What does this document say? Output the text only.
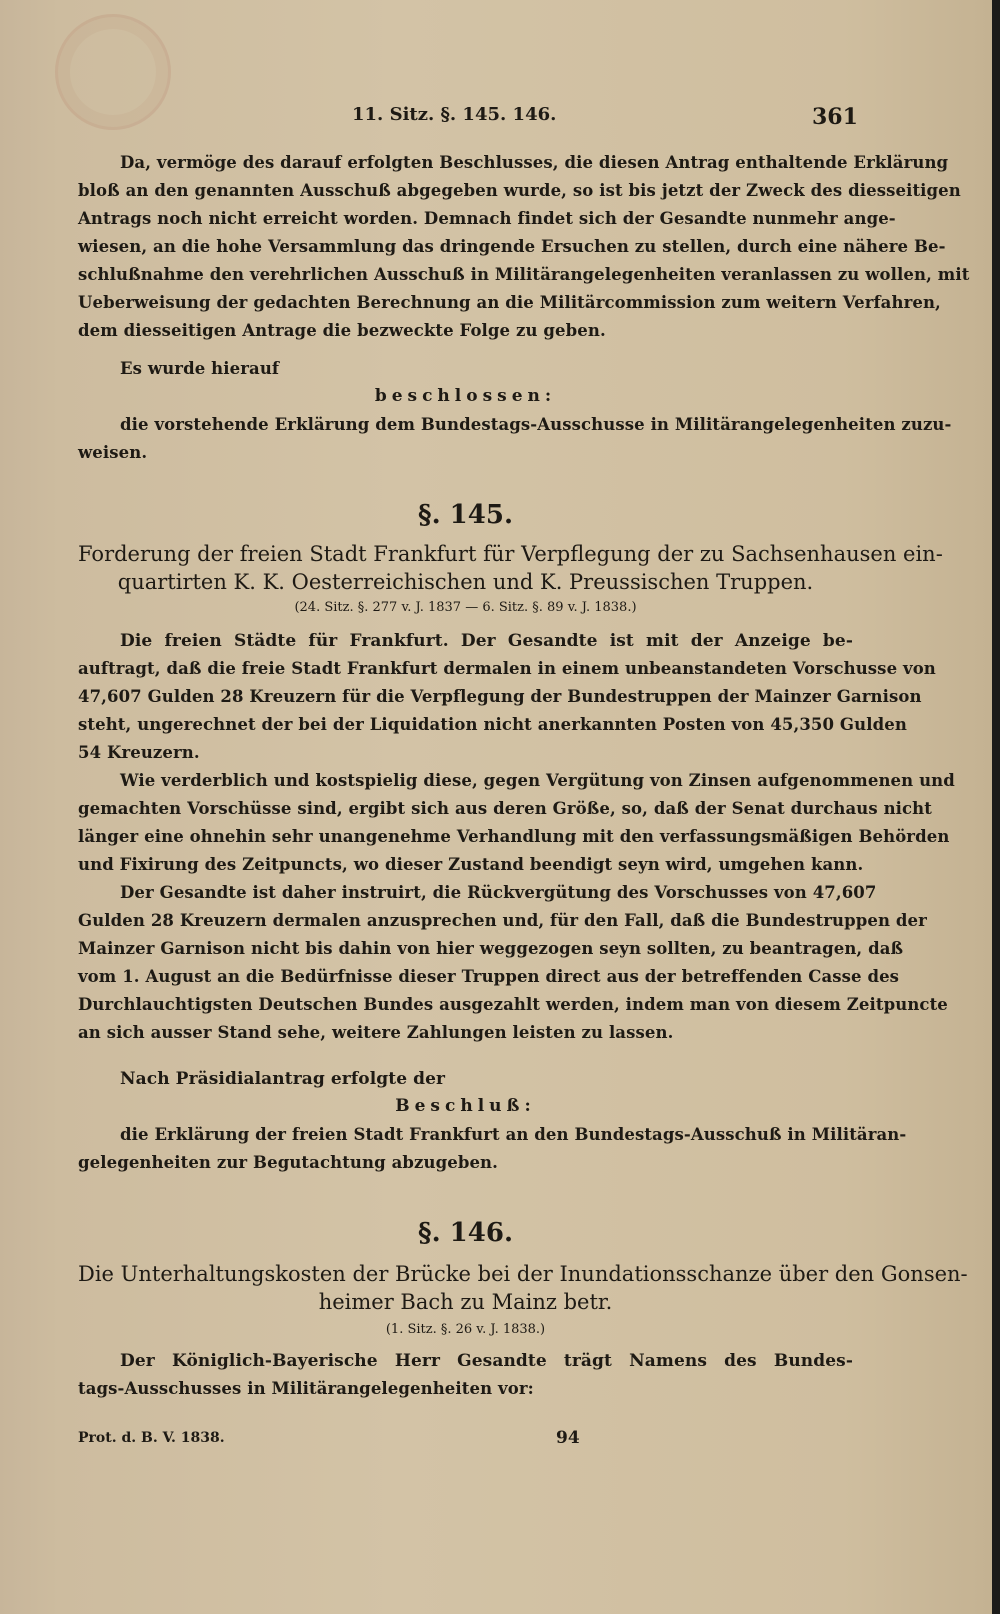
11. Sitz. §. 145. 146.	361

Da, vermöge des darauf erfolgten Beschlusses, die diesen Antrag enthaltende Erklärung

bloß an den genannten Ausschuß abgegeben wurde, so ist bis jetzt der Zweck des diesseitigen

Antrags noch nicht erreicht worden. Demnach findet sich der Gesandte nunmehr ange-

wiesen, an die hohe Versammlung das dringende Ersuchen zu stellen, durch eine nähere Be-

schlußnahme den verehrlichen Ausschuß in Militärangelegenheiten veranlassen zu wollen, mit

Ueberweisung der gedachten Berechnung an die Militärcommission zum weitern Verfahren,

dem diesseitigen Antrage die bezweckte Folge zu geben.

Es wurde hierauf

beschlossen:

die vorstehende Erklärung dem Bundestags-Ausschusse in Militärangelegenheiten zuzu-

weisen.

§. 145.
Forderung der freien Stadt Frankfurt für Verpflegung der zu Sachsenhausen ein-
quartirten K. K. Oesterreichischen und K. Preussischen Truppen.
(24. Sitz. §. 277 v. J. 1837 — 6. Sitz. §. 89 v. J. 1838.)

Die freien Städte für Frankfurt. Der Gesandte ist mit der Anzeige be-

auftragt, daß die freie Stadt Frankfurt dermalen in einem unbeanstandeten Vorschusse von

47,607 Gulden 28 Kreuzern für die Verpflegung der Bundestruppen der Mainzer Garnison

steht, ungerechnet der bei der Liquidation nicht anerkannten Posten von 45,350 Gulden

54 Kreuzern.

Wie verderblich und kostspielig diese, gegen Vergütung von Zinsen aufgenommenen und

gemachten Vorschüsse sind, ergibt sich aus deren Größe, so, daß der Senat durchaus nicht

länger eine ohnehin sehr unangenehme Verhandlung mit den verfassungsmäßigen Behörden

und Fixirung des Zeitpuncts, wo dieser Zustand beendigt seyn wird, umgehen kann.

Der Gesandte ist daher instruirt, die Rückvergütung des Vorschusses von 47,607

Gulden 28 Kreuzern dermalen anzusprechen und, für den Fall, daß die Bundestruppen der

Mainzer Garnison nicht bis dahin von hier weggezogen seyn sollten, zu beantragen, daß

vom 1. August an die Bedürfnisse dieser Truppen direct aus der betreffenden Casse des

Durchlauchtigsten Deutschen Bundes ausgezahlt werden, indem man von diesem Zeitpuncte

an sich ausser Stand sehe, weitere Zahlungen leisten zu lassen.

Nach Präsidialantrag erfolgte der

Beschluß:

die Erklärung der freien Stadt Frankfurt an den Bundestags-Ausschuß in Militäran-

gelegenheiten zur Begutachtung abzugeben.

§. 146.
Die Unterhaltungskosten der Brücke bei der Inundationsschanze über den Gonsen-
heimer Bach zu Mainz betr.
(1. Sitz. §. 26 v. J. 1838.)

Der Königlich-Bayerische Herr Gesandte trägt Namens des Bundes-

tags-Ausschusses in Militärangelegenheiten vor:

Prot. d. B. V. 1838.	94
